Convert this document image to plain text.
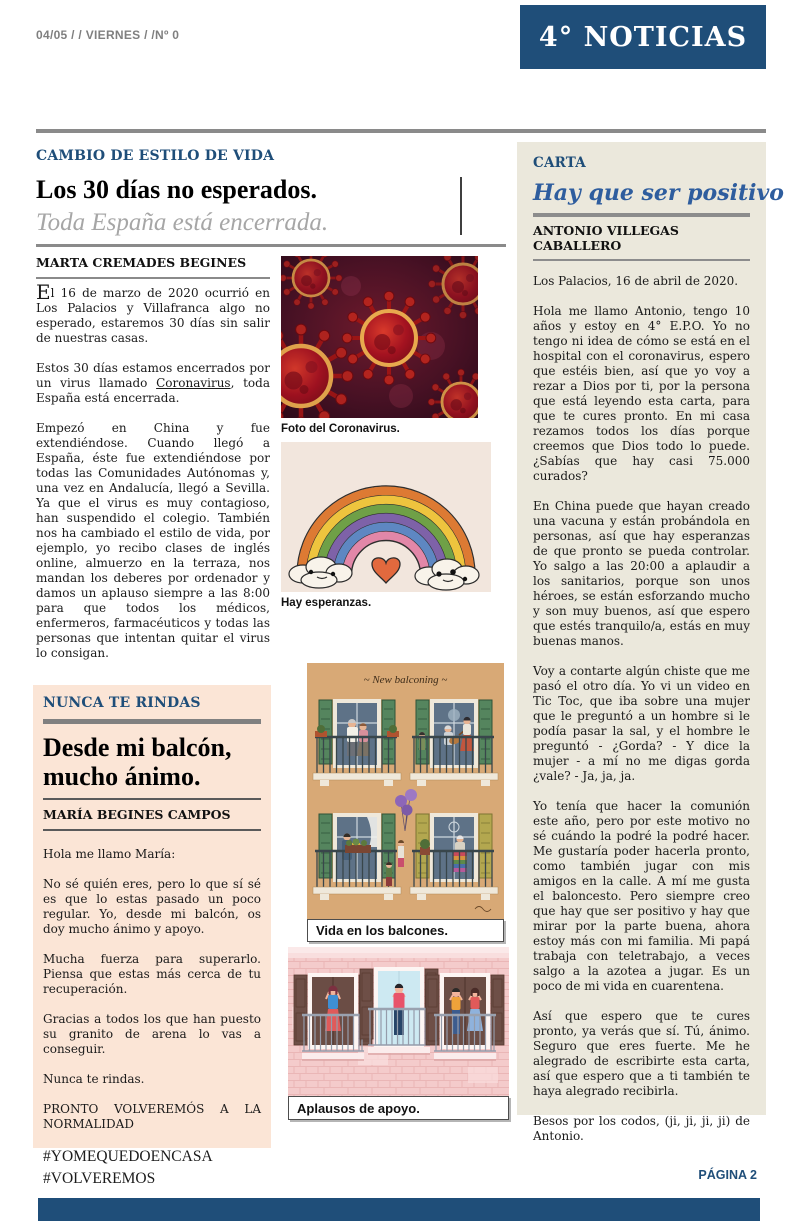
04/05 / / VIERNES / /Nº 0	4° NOTICIAS
CAMBIO DE ESTILO DE VIDA
Los 30 días no esperados.
Toda España está encerrada.
MARTA CREMADES BEGINES

El 16 de marzo de 2020 ocurrió en Los Palacios y Villafranca algo no esperado, estaremos 30 días sin salir de nuestras casas.

Estos 30 días estamos encerrados por un virus llamado Coronavirus, toda España está encerrada.

Empezó en China y fue extendiéndose. Cuando llegó a España, éste fue extendiéndose por todas las Comunidades Autónomas y, una vez en Andalucía, llegó a Sevilla. Ya que el virus es muy contagioso, han suspendido el colegio. También nos ha cambiado el estilo de vida, por ejemplo, yo recibo clases de inglés online, almuerzo en la terraza, nos mandan los deberes por ordenador y damos un aplauso siempre a las 8:00 para que todos los médicos, enfermeros, farmacéuticos y todas las personas que intentan quitar el virus lo consigan.

Foto del Coronavirus.
Hay esperanzas.
~ New balconing ~
Vida en los balcones.
Aplausos de apoyo.
NUNCA TE RINDAS
Desde mi balcón, mucho ánimo.
MARÍA BEGINES CAMPOS

Hola me llamo María:

No sé quién eres, pero lo que sí sé es que lo estas pasado un poco regular. Yo, desde mi balcón, os doy mucho ánimo y apoyo.

Mucha fuerza para superarlo. Piensa que estas más cerca de tu recuperación.

Gracias a todos los que han puesto su granito de arena lo vas a conseguir.

Nunca te rindas.

PRONTO VOLVEREMÓS A LA NORMALIDAD

#YOMEQUEDOENCASA
#VOLVEREMOS
CARTA
Hay que ser positivo
ANTONIO VILLEGAS CABALLERO

Los Palacios, 16 de abril de 2020.

Hola me llamo Antonio, tengo 10 años y estoy en 4° E.P.O. Yo no tengo ni idea de cómo se está en el hospital con el coronavirus, espero que estéis bien, así que yo voy a rezar a Dios por ti, por la persona que está leyendo esta carta, para que te cures pronto. En mi casa rezamos todos los días porque creemos que Dios todo lo puede. ¿Sabías que hay casi 75.000 curados?

En China puede que hayan creado una vacuna y están probándola en personas, así que hay esperanzas de que pronto se pueda controlar. Yo salgo a las 20:00 a aplaudir a los sanitarios, porque son unos héroes, se están esforzando mucho y son muy buenos, así que espero que estés tranquilo/a, estás en muy buenas manos.

Voy a contarte algún chiste que me pasó el otro día. Yo vi un video en Tic Toc, que iba sobre una mujer que le preguntó a un hombre si le podía pasar la sal, y el hombre le preguntó - ¿Gorda? - Y dice la mujer - a mí no me digas gorda ¿vale? - Ja, ja, ja.

Yo tenía que hacer la comunión este año, pero por este motivo no sé cuándo la podré la podré hacer. Me gustaría poder hacerla pronto, como también jugar con mis amigos en la calle. A mí me gusta el baloncesto. Pero siempre creo que hay que ser positivo y hay que mirar por la parte buena, ahora estoy más con mi familia. Mi papá trabaja con teletrabajo, a veces salgo a la azotea a jugar. Es un poco de mi vida en cuarentena.

Así que espero que te cures pronto, ya verás que sí. Tú, ánimo. Seguro que eres fuerte. Me he alegrado de escribirte esta carta, así que espero que a ti también te haya alegrado recibirla.

Besos por los codos, (ji, ji, ji, ji) de Antonio.

PÁGINA 2
